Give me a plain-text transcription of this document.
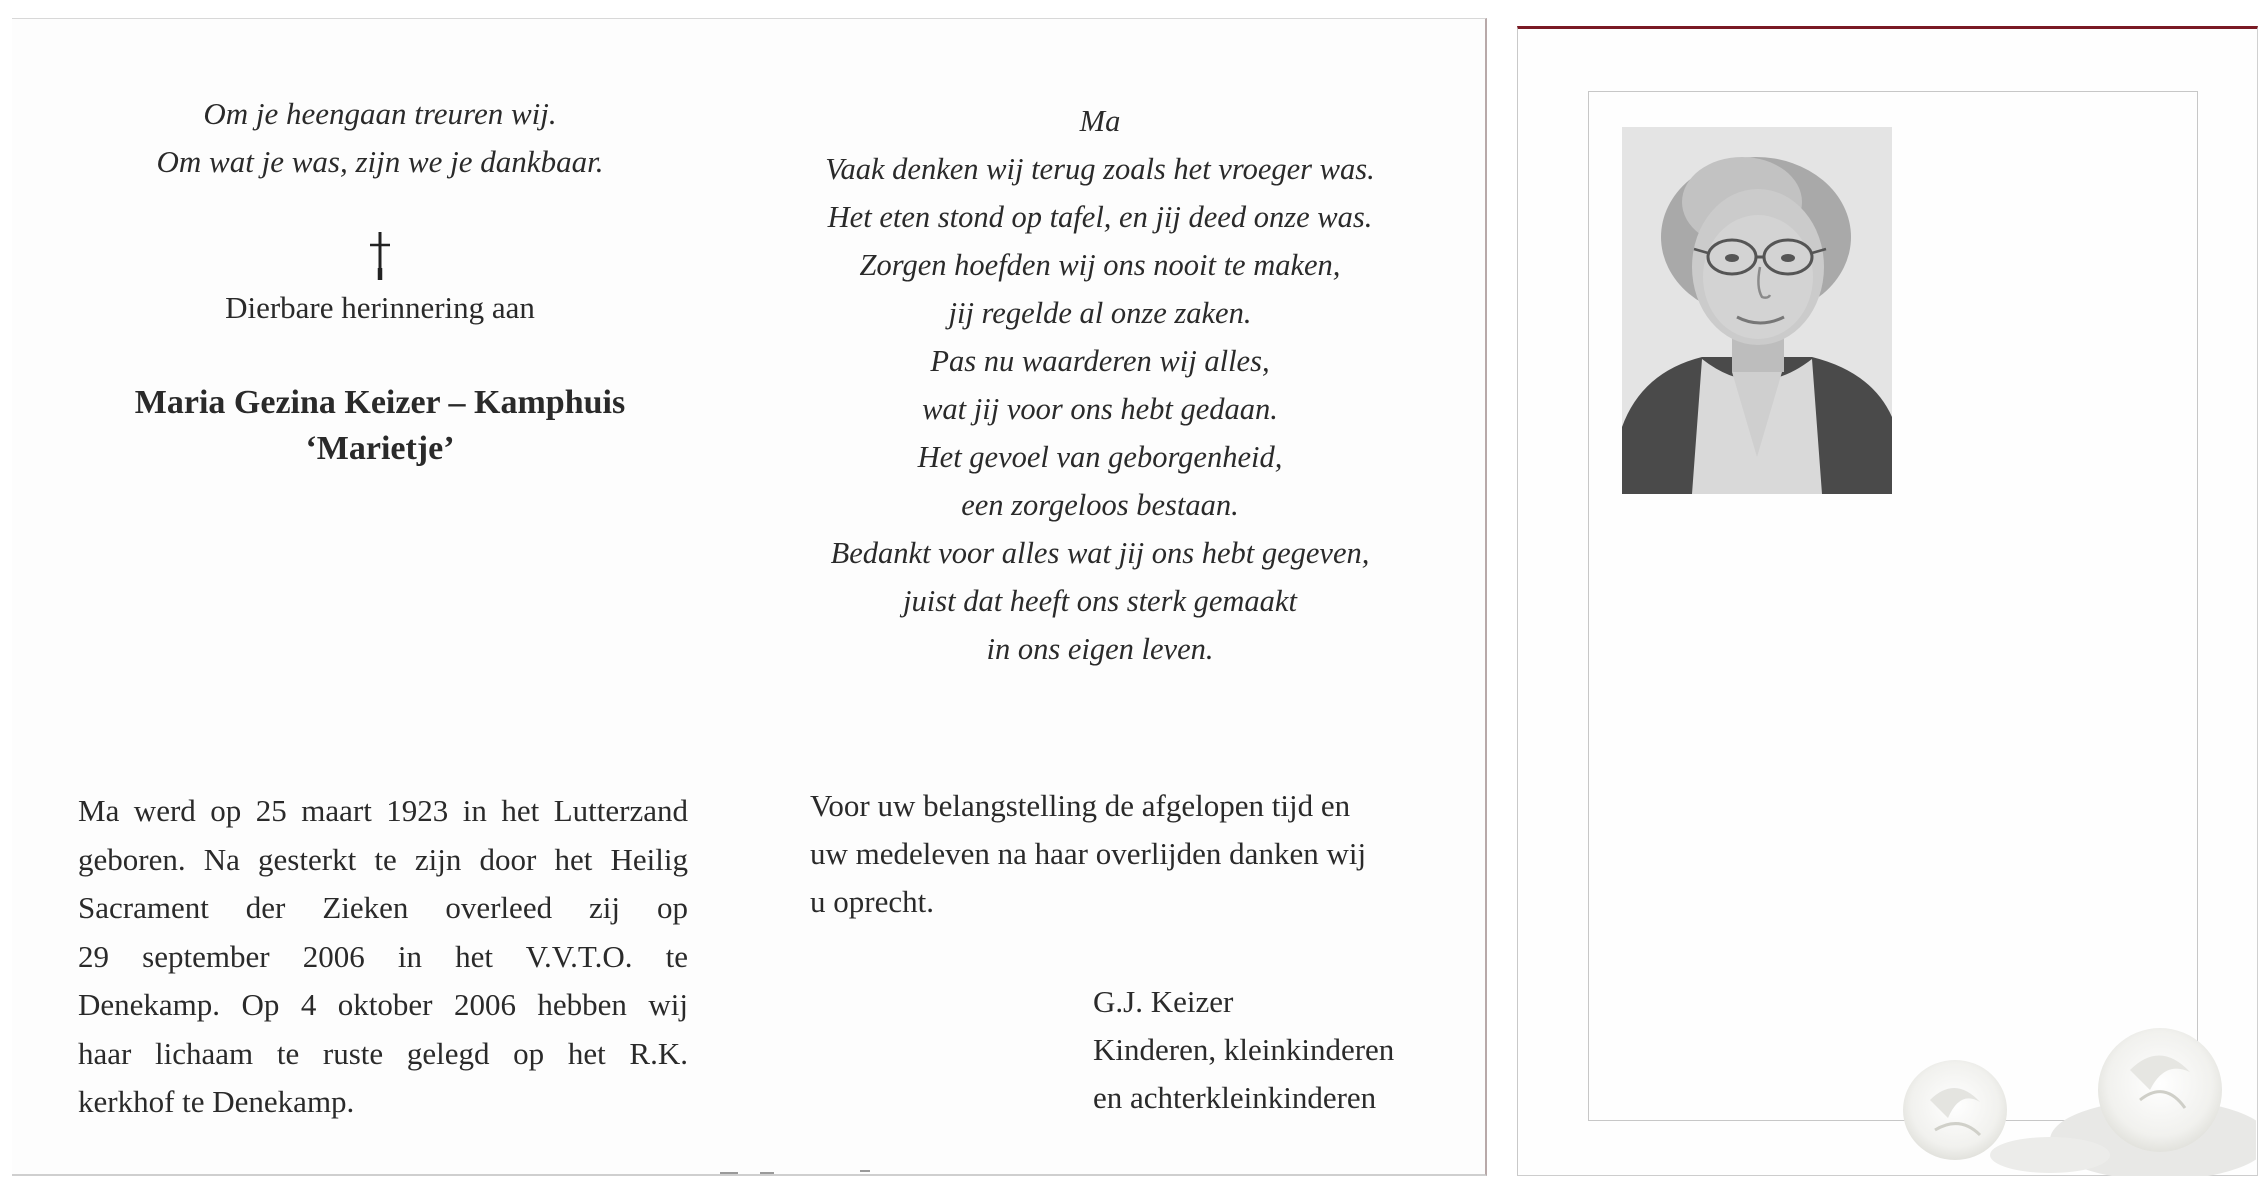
Om je heengaan treuren wij.
Om wat je was, zijn we je dankbaar.
Dierbare herinnering aan
Maria Gezina Keizer – Kamphuis
‘Marietje’
Ma
Vaak denken wij terug zoals het vroeger was.
Het eten stond op tafel, en jij deed onze was.
Zorgen hoefden wij ons nooit te maken,
jij regelde al onze zaken.
Pas nu waarderen wij alles,
wat jij voor ons hebt gedaan.
Het gevoel van geborgenheid,
een zorgeloos bestaan.
Bedankt voor alles wat jij ons hebt gegeven,
juist dat heeft ons sterk gemaakt
in ons eigen leven.
Ma werd op 25 maart 1923 in het Lutterzand
geboren. Na gesterkt te zijn door het Heilig
Sacrament der Zieken overleed zij op
29 september 2006 in het V.V.T.O. te
Denekamp. Op 4 oktober 2006 hebben wij
haar lichaam te ruste gelegd op het R.K.
kerkhof te Denekamp.
Voor uw belangstelling de afgelopen tijd en
uw medeleven na haar overlijden danken wij
u oprecht.
G.J. Keizer
Kinderen, kleinkinderen
en achterkleinkinderen
